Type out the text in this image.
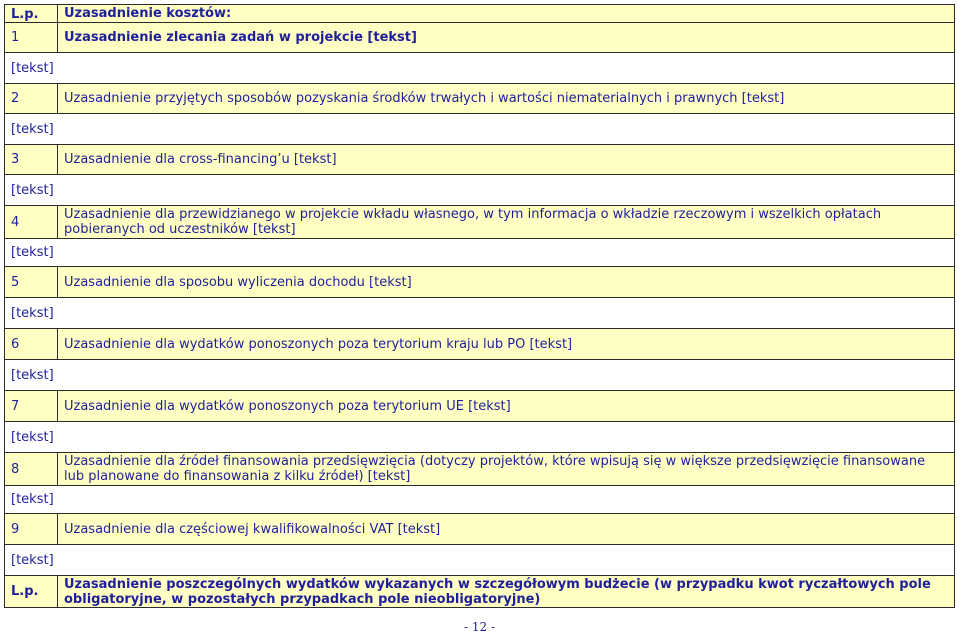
L.p.	Uzasadnienie kosztów:
1	Uzasadnienie zlecania zadań w projekcie [tekst]
[tekst]	
2	Uzasadnienie przyjętych sposobów pozyskania środków trwałych i wartości niematerialnych i prawnych [tekst]
[tekst]	
3	Uzasadnienie dla cross-financing’u [tekst]
[tekst]	
4	Uzasadnienie dla przewidzianego w projekcie wkładu własnego, w tym informacja o wkładzie rzeczowym i wszelkich opłatach pobieranych od uczestników [tekst]
[tekst]	
5	Uzasadnienie dla sposobu wyliczenia dochodu [tekst]
[tekst]	
6	Uzasadnienie dla wydatków ponoszonych poza terytorium kraju lub PO [tekst]
[tekst]	
7	Uzasadnienie dla wydatków ponoszonych poza terytorium UE [tekst]
[tekst]	
8	Uzasadnienie dla źródeł finansowania przedsięwzięcia (dotyczy projektów, które wpisują się w większe przedsięwzięcie finansowane lub planowane do finansowania z kilku źródeł) [tekst]
[tekst]	
9	Uzasadnienie dla częściowej kwalifikowalności VAT [tekst]
[tekst]	
L.p.	Uzasadnienie poszczególnych wydatków wykazanych w szczegółowym budżecie (w przypadku kwot ryczałtowych pole obligatoryjne, w pozostałych przypadkach pole nieobligatoryjne)
- 12 -
